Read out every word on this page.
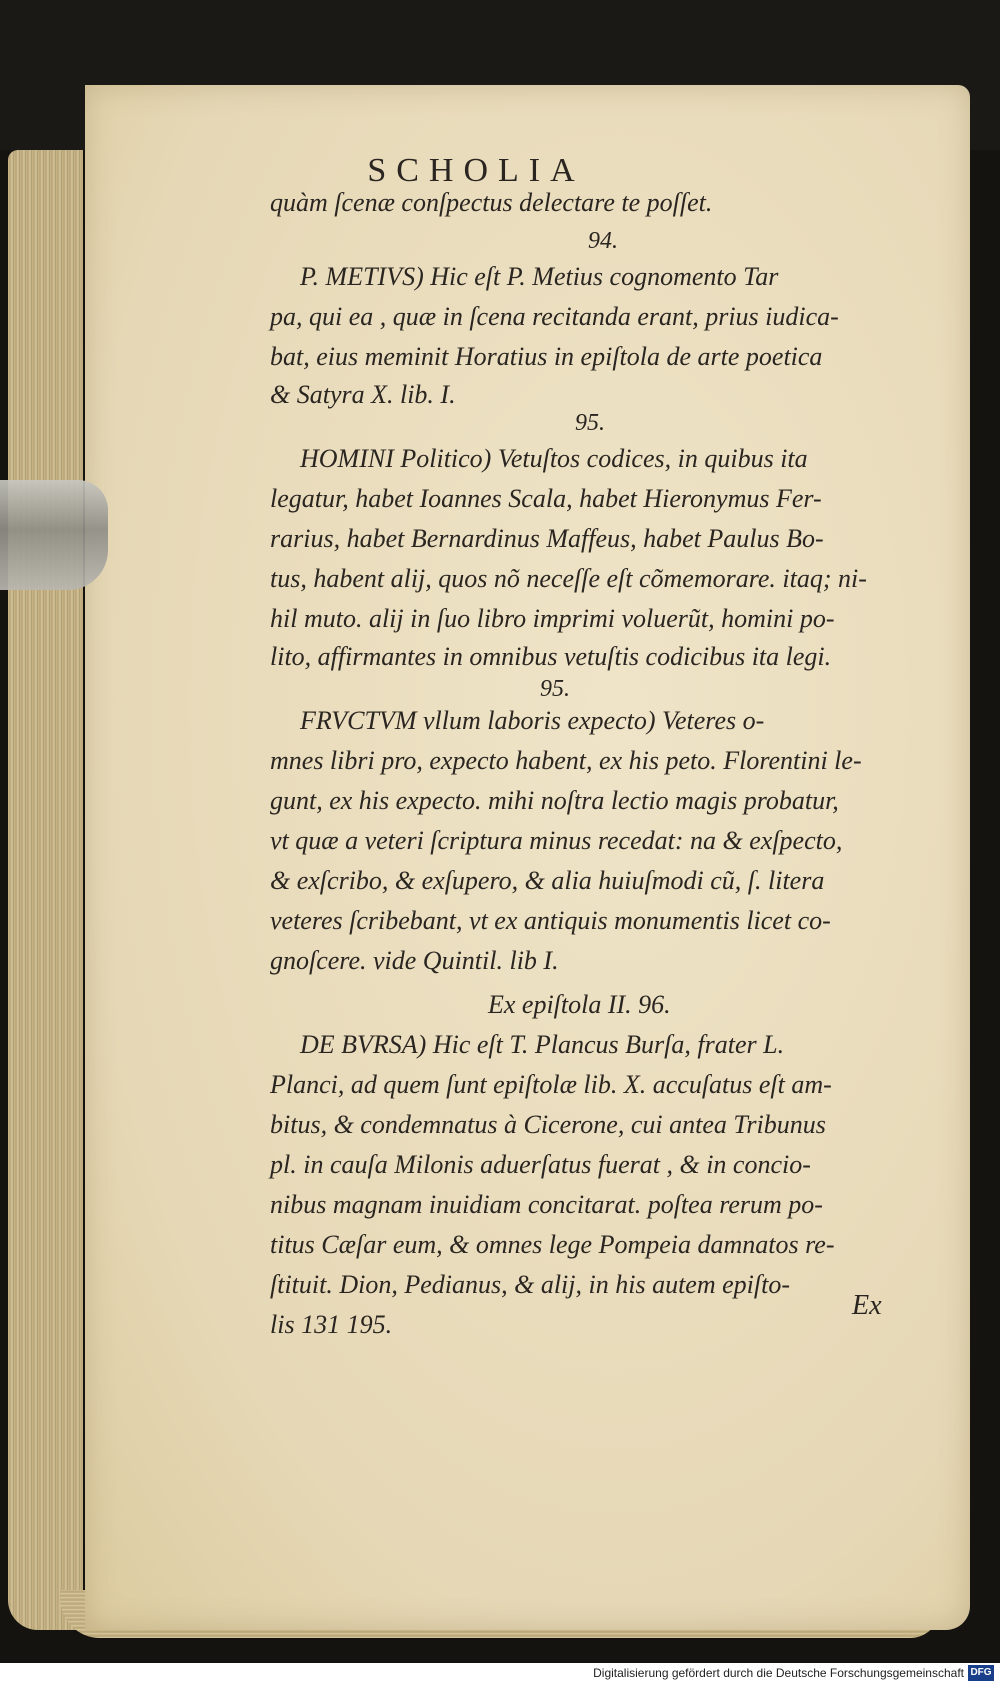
SCHOLIA
quàm ſcenæ conſpectus delectare te poſſet.
94.
P. METIVS) Hic eſt P. Metius cognomento Tar
pa, qui ea , quæ in ſcena recitanda erant, prius iudica-
bat, eius meminit Horatius in epiſtola de arte poetica
& Satyra X. lib. I.
95.
HOMINI Politico) Vetuſtos codices, in quibus ita
legatur, habet Ioannes Scala, habet Hieronymus Fer-
rarius, habet Bernardinus Maffeus, habet Paulus Bo-
tus, habent alij, quos nõ neceſſe eſt cõmemorare. itaq; ni-
hil muto. alij in ſuo libro imprimi voluerũt, homini po-
lito, affirmantes in omnibus vetuſtis codicibus ita legi.
95.
FRVCTVM vllum laboris expecto) Veteres o-
mnes libri pro, expecto habent, ex his peto. Florentini le-
gunt, ex his expecto. mihi noſtra lectio magis probatur,
vt quæ a veteri ſcriptura minus recedat: na & exſpecto,
& exſcribo, & exſupero, & alia huiuſmodi cũ, ſ. litera
veteres ſcribebant, vt ex antiquis monumentis licet co-
gnoſcere. vide Quintil. lib I.
Ex epiſtola II. 96.
DE BVRSA) Hic eſt T. Plancus Burſa, frater L.
Planci, ad quem ſunt epiſtolæ lib. X. accuſatus eſt am-
bitus, & condemnatus à Cicerone, cui antea Tribunus
pl. in cauſa Milonis aduerſatus fuerat , & in concio-
nibus magnam inuidiam concitarat. poſtea rerum po-
titus Cæſar eum, & omnes lege Pompeia damnatos re-
ſtituit. Dion, Pedianus, & alij, in his autem epiſto-
lis 131 195.
Ex
Digitalisierung gefördert durch die Deutsche Forschungsgemeinschaft DFG
